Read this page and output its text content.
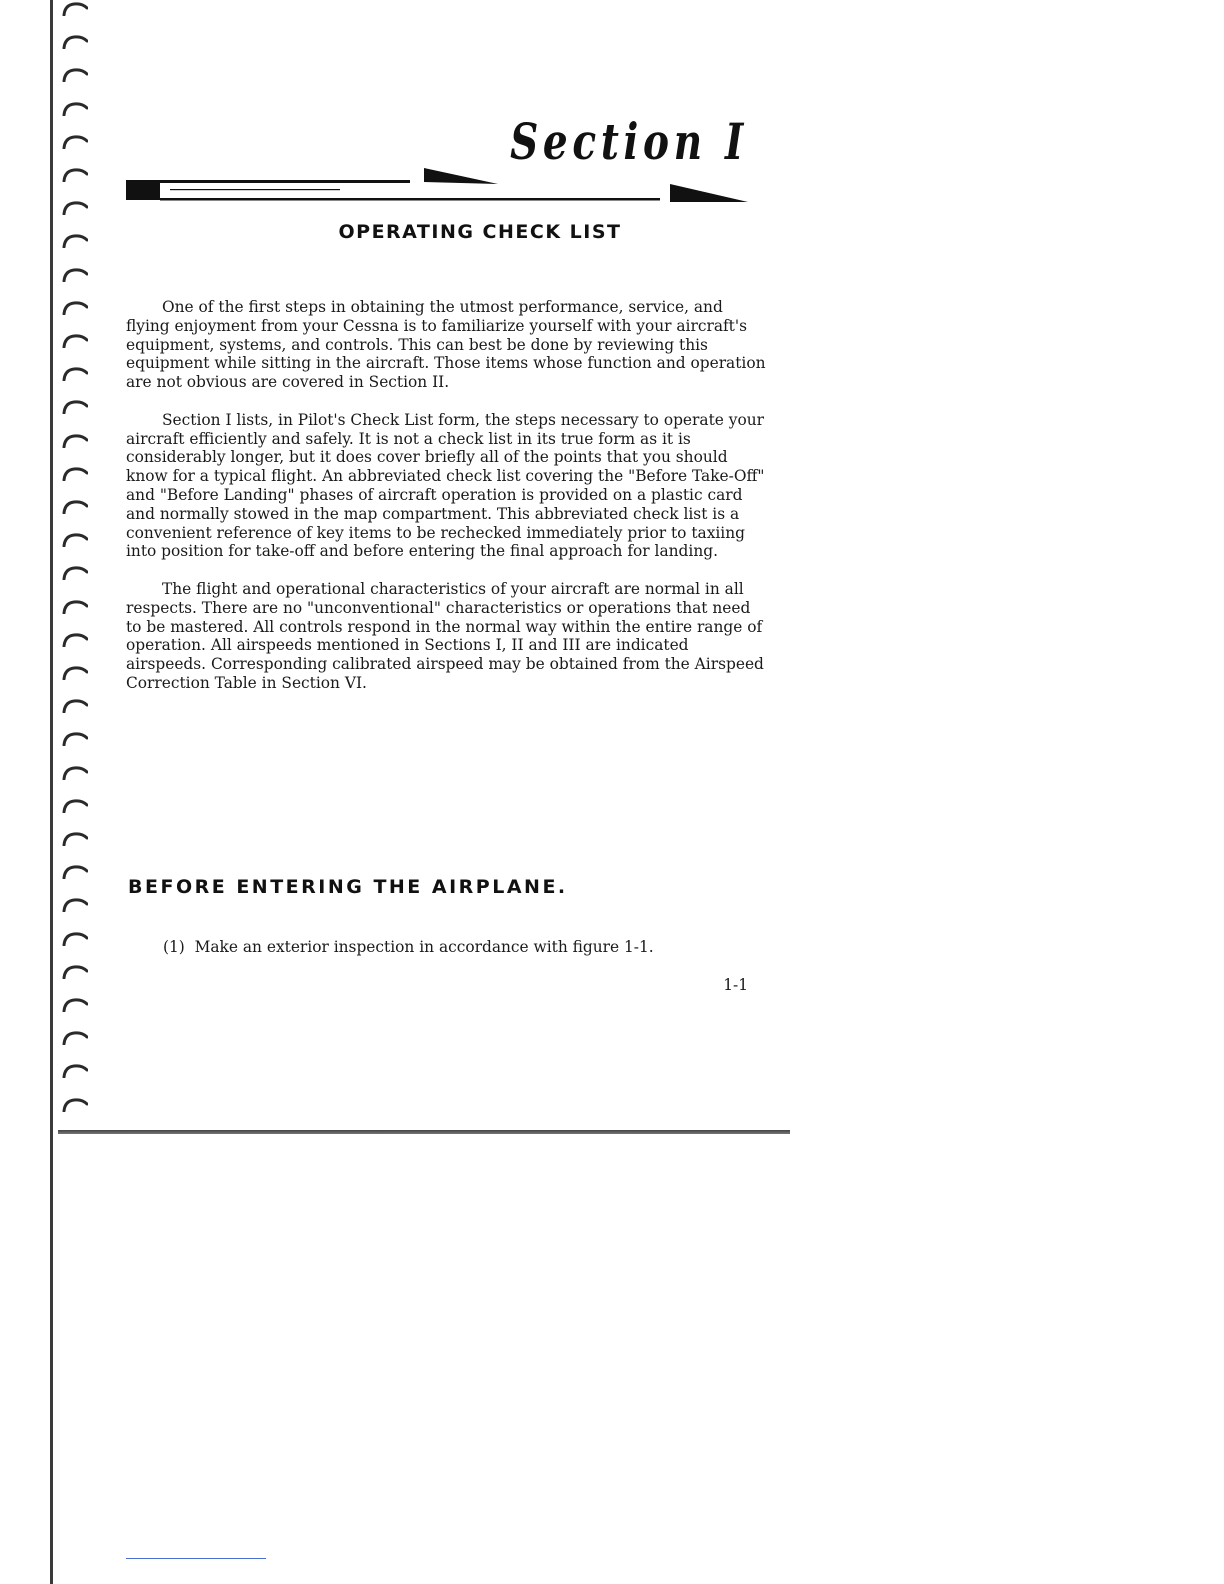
Section I
OPERATING CHECK LIST

One of the first steps in obtaining the utmost performance, service, and flying enjoyment from your Cessna is to familiarize yourself with your aircraft's equipment, systems, and controls. This can best be done by reviewing this equipment while sitting in the aircraft. Those items whose function and operation are not obvious are covered in Section II.

Section I lists, in Pilot's Check List form, the steps necessary to operate your aircraft efficiently and safely. It is not a check list in its true form as it is considerably longer, but it does cover briefly all of the points that you should know for a typical flight. An abbreviated check list covering the "Before Take-Off" and "Before Landing" phases of aircraft operation is provided on a plastic card and normally stowed in the map compartment. This abbreviated check list is a convenient reference of key items to be rechecked immediately prior to taxiing into position for take-off and before entering the final approach for landing.

The flight and operational characteristics of your aircraft are normal in all respects. There are no "unconventional" characteristics or operations that need to be mastered. All controls respond in the normal way within the entire range of operation. All airspeeds mentioned in Sections I, II and III are indicated airspeeds. Corresponding calibrated airspeed may be obtained from the Airspeed Correction Table in Section VI.

BEFORE ENTERING THE AIRPLANE.
(1) Make an exterior inspection in accordance with figure 1-1.
1-1
